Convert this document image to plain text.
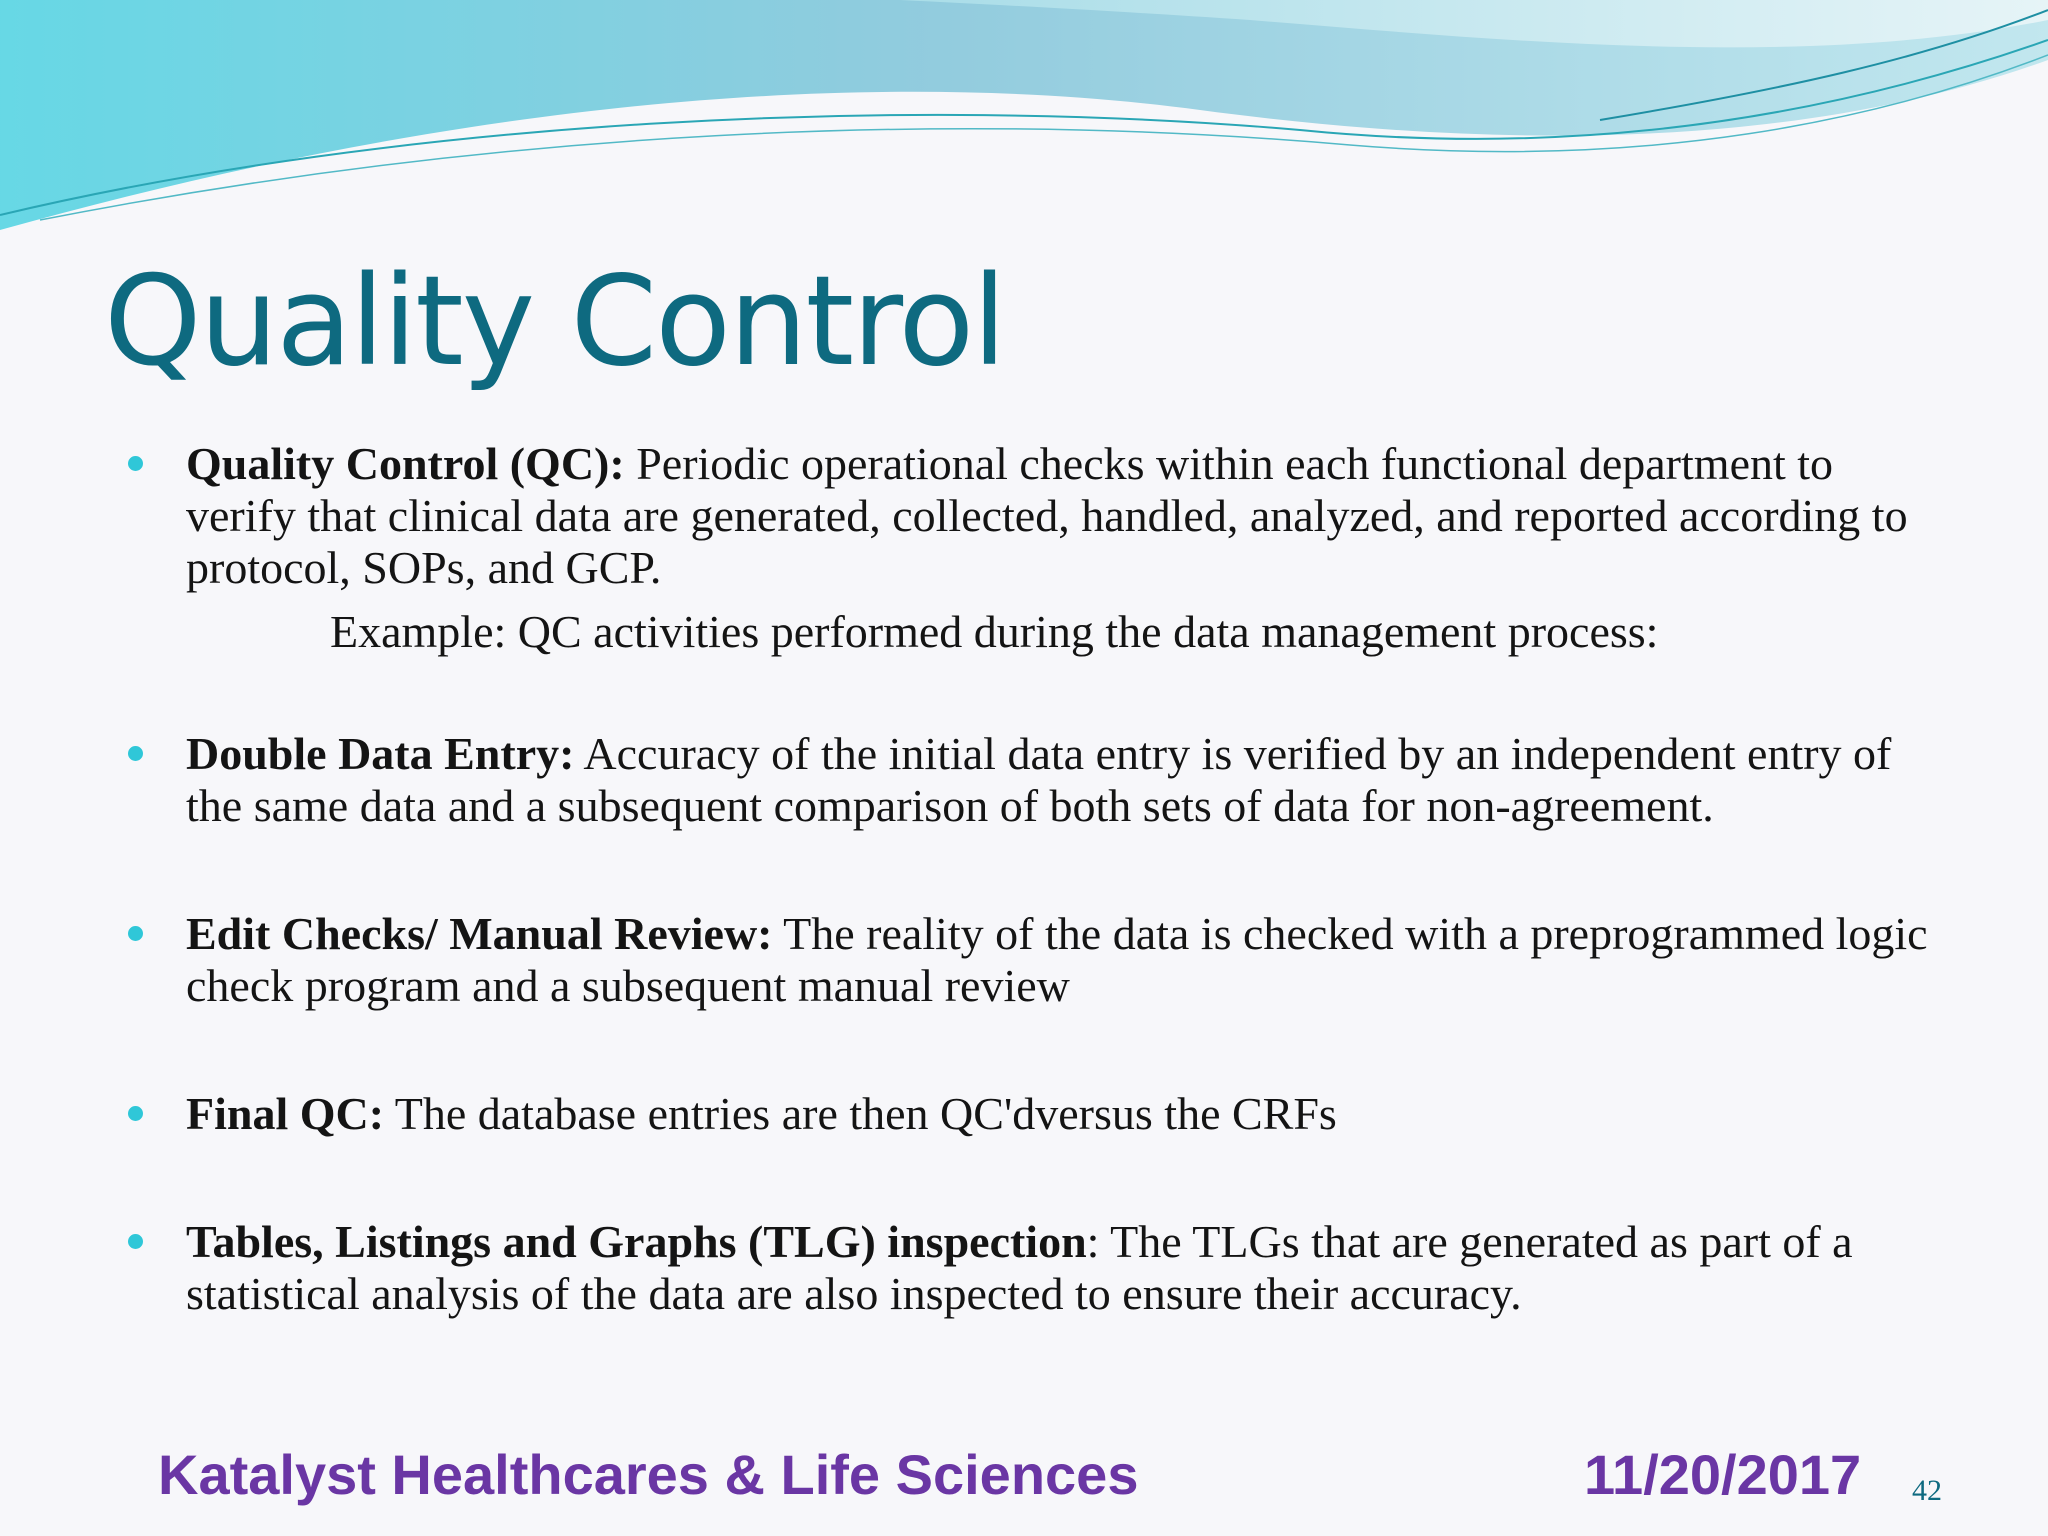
Quality Control
Quality Control (QC): Periodic operational checks within each functional department to verify that clinical data are generated, collected, handled, analyzed, and reported according to protocol, SOPs, and GCP.
Example: QC activities performed during the data management process:
Double Data Entry: Accuracy of the initial data entry is verified by an independent entry of the same data and a subsequent comparison of both sets of data for non-agreement.
Edit Checks/ Manual Review: The reality of the data is checked with a preprogrammed logic check program and a subsequent manual review
Final QC: The database entries are then QC'dversus the CRFs
Tables, Listings and Graphs (TLG) inspection: The TLGs that are generated as part of a statistical analysis of the data are also inspected to ensure their accuracy.
Katalyst Healthcares & Life Sciences	11/20/2017 42
